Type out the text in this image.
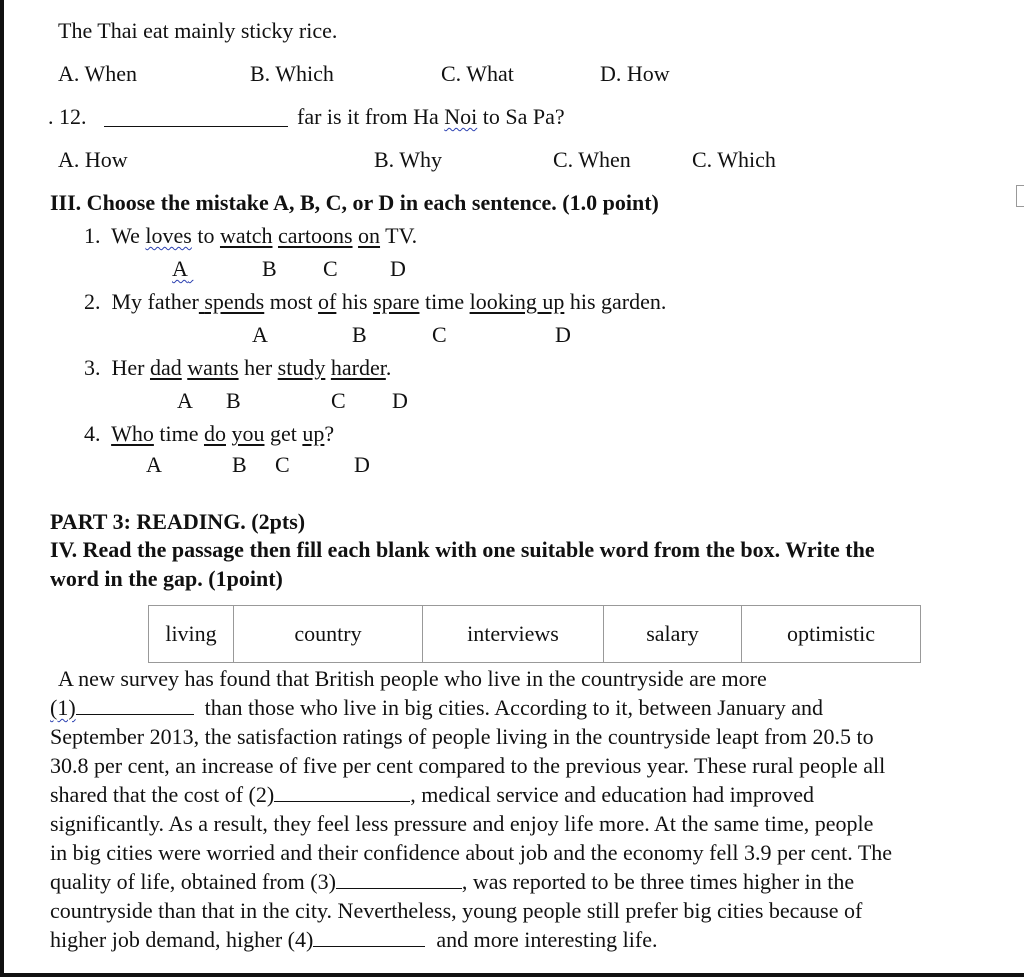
The Thai eat mainly sticky rice.
A. When	B. Which	C. What	D. How
. 12.	far is it from Ha Noi to Sa Pa?
A. How	B. Why	C. When	C. Which
III. Choose the mistake A, B, C, or D in each sentence. (1.0 point)
1. We loves to watch cartoons on TV.
A	B C D
2. My father spends most of his spare time looking up his garden.
A	B	C	D
3. Her dad wants her study harder.
A B	C D
4. Who time do you get up?
A	B C	D
PART 3: READING. (2pts)
IV. Read the passage then fill each blank with one suitable word from the box. Write the
word in the gap. (1point)
living	country	interviews	salary	optimistic
A new survey has found that British people who live in the countryside are more
(1)	than those who live in big cities. According to it, between January and
September 2013, the satisfaction ratings of people living in the countryside leapt from 20.5 to
30.8 per cent, an increase of five per cent compared to the previous year. These rural people all
shared that the cost of (2)	, medical service and education had improved
significantly. As a result, they feel less pressure and enjoy life more. At the same time, people
in big cities were worried and their confidence about job and the economy fell 3.9 per cent. The
quality of life, obtained from (3)	, was reported to be three times higher in the
countryside than that in the city. Nevertheless, young people still prefer big cities because of
higher job demand, higher (4)	and more interesting life.
